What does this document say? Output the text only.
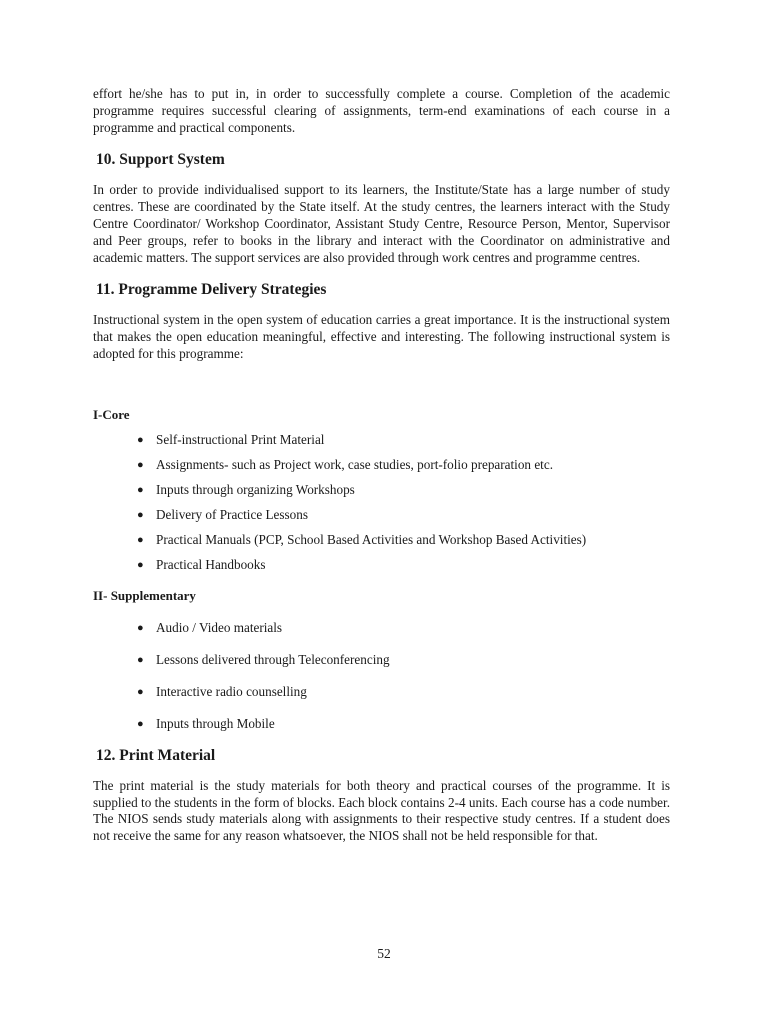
effort he/she has to put in, in order to successfully complete a course. Completion of the academic programme requires successful clearing of assignments, term-end examinations of each course in a programme and practical components.

10. Support System

In order to provide individualised support to its learners, the Institute/State has a large number of study centres. These are coordinated by the State itself. At the study centres, the learners interact with the Study Centre Coordinator/ Workshop Coordinator, Assistant Study Centre, Resource Person, Mentor, Supervisor and Peer groups, refer to books in the library and interact with the Coordinator on administrative and academic matters. The support services are also provided through work centres and programme centres.

11. Programme Delivery Strategies

Instructional system in the open system of education carries a great importance. It is the instructional system that makes the open education meaningful, effective and interesting. The following instructional system is adopted for this programme:

I-Core
● Self-instructional Print Material
● Assignments- such as Project work, case studies, port-folio preparation etc.
● Inputs through organizing Workshops
● Delivery of Practice Lessons
● Practical Manuals (PCP, School Based Activities and Workshop Based Activities)
● Practical Handbooks
II- Supplementary
● Audio / Video materials
● Lessons delivered through Teleconferencing
● Interactive radio counselling
● Inputs through Mobile
12. Print Material

The print material is the study materials for both theory and practical courses of the programme. It is supplied to the students in the form of blocks. Each block contains 2-4 units. Each course has a code number. The NIOS sends study materials along with assignments to their respective study centres. If a student does not receive the same for any reason whatsoever, the NIOS shall not be held responsible for that.

52
